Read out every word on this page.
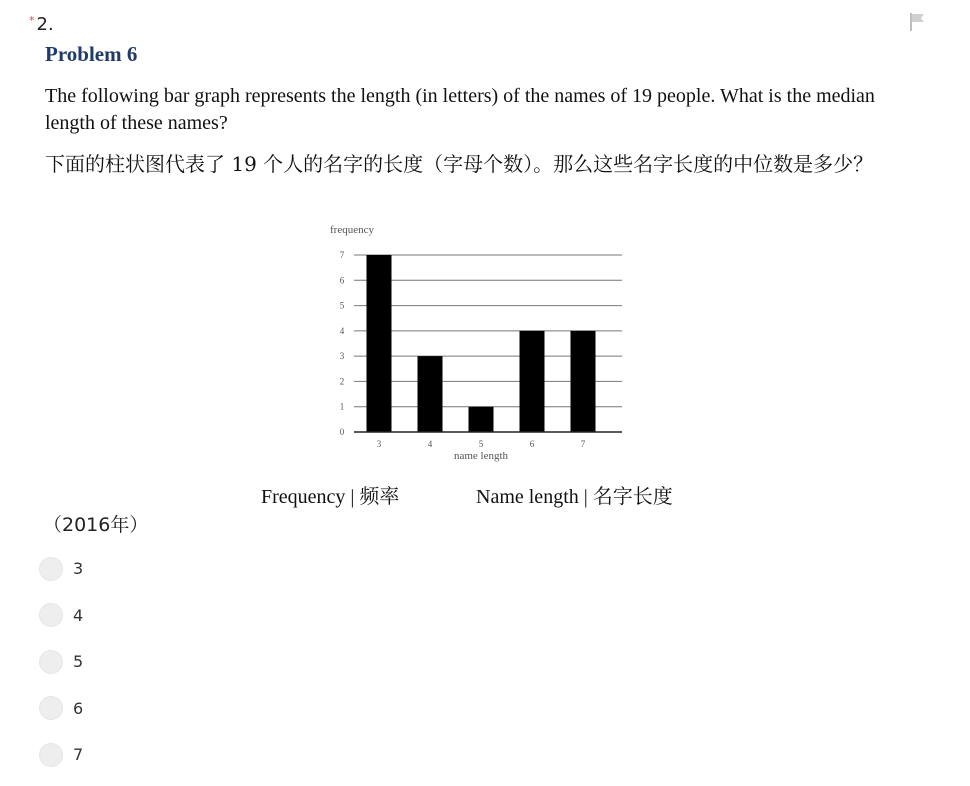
* 2.
Problem 6
The following bar graph represents the length (in letters) of the names of 19 people. What is the median length of these names?
下面的柱状图代表了 19 个人的名字的长度（字母个数）。那么这些名字长度的中位数是多少？
0
1
2
3
4
5
6
7
frequency
3	4	5	6	7
name length
Frequency | 频率	Name length | 名字长度
（2016年）
3
4
5
6
7
